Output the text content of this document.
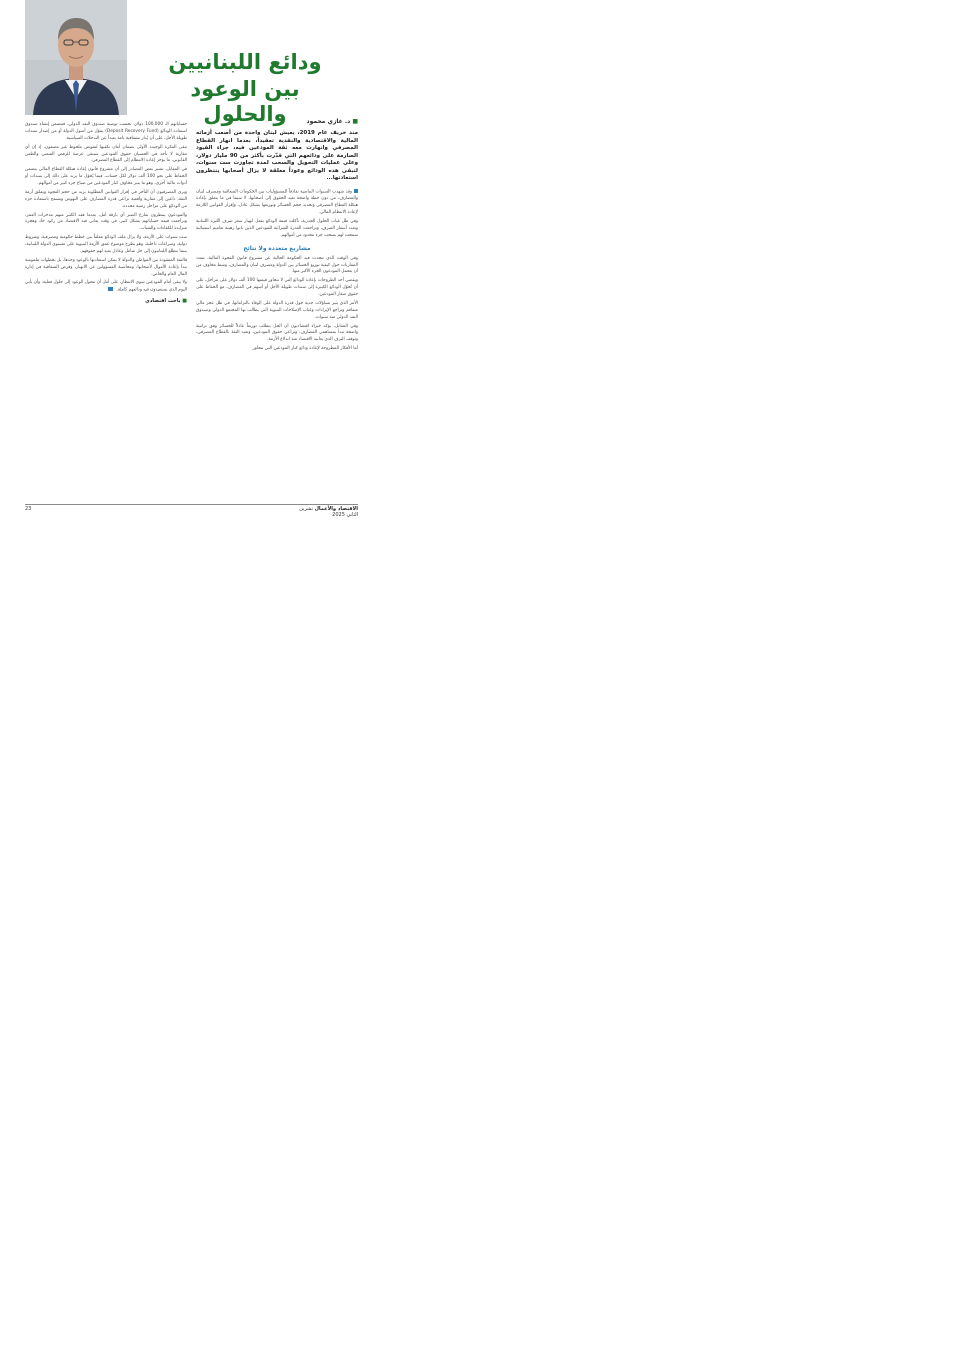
ودائع اللبنانيين
بين الوعود والحلول	■ د. غازي محمود

منذ خريف عام 2019، يعيش لبنان واحدة من أصعب أزماته المالية والاقتصادية والنقدية تعقيداً، بعدما انهار القطاع المصرفي وانهارت معه ثقة المودعين فيه، جراء القيود الصارمة على ودائعهم التي قدّرت بأكثر من 90 مليار دولار، وعلى عمليات التحويل والسحب لمدة تجاوزت ست سنوات، لتبقى هذه الودائع وعوداً معلقة لا يزال أصحابها ينتظرون استعادتها...

وقد شهدت السنوات الماضية تقاذفاً للمسؤوليات بين الحكومات المتعاقبة ومصرف لبنان والمصارف، من دون خطة واضحة تعيد الحقوق إلى أصحابها، لا سيما في ما يتعلق بإعادة هيكلة القطاع المصرفي وتحديد حجم الخسائر وتوزيعها بشكل عادل، وإقرار القوانين اللازمة لإعادة الانتظام المالي.

وفي ظل غياب الحلول الجذرية، تآكلت قيمة الودائع بفعل انهيار سعر صرف الليرة اللبنانية وتعدد أسعار الصرف، وتراجعت القدرة الشرائية للمودعين الذين باتوا رهينة تعاميم استثنائية سمحت لهم بسحب جزء محدود من أموالهم.

مشاريع متعددة ولا نتائج

وفي الوقت الذي تتحدث فيه الحكومة الحالية عن مشروع قانون الفجوة المالية، تتعدد المقاربات حول كيفية توزيع الخسائر بين الدولة ومصرف لبنان والمصارف، وسط مخاوف من أن يتحمل المودعون الجزء الأكبر منها.

ويقضي أحد الطروحات بإعادة الودائع التي لا تتجاوز قيمتها 100 ألف دولار على مراحل، على أن تُحوّل الودائع الكبيرة إلى سندات طويلة الأجل أو أسهم في المصارف، مع الحفاظ على حقوق صغار المودعين.

الأمر الذي يثير تساؤلات جدية حول قدرة الدولة على الوفاء بالتزاماتها، في ظل عجز مالي متفاقم وتراجع الإيرادات وغياب الإصلاحات البنيوية التي يطالب بها المجتمع الدولي وصندوق النقد الدولي منذ سنوات.

وفي المقابل، يؤكد خبراء اقتصاديون أن الحل يتطلب توزيعاً عادلاً للخسائر وفق تراتبية واضحة تبدأ بمساهمي المصارف، وتراعي حقوق المودعين، وتعيد الثقة بالقطاع المصرفي، وتوقف النزف الذي يعانيه الاقتصاد منذ اندلاع الأزمة.

أما الأفكار المطروحة لإعادة ودائع كبار المودعين التي تتجاوز

حساباتهم الـ 100,000 دولار، بحسب توصية صندوق النقد الدولي، فتتضمن إنشاء صندوق استعادة الودائع (Deposit Recovery Fund) يموّل من أصول الدولة أو من إصدار سندات طويلة الأجل، على أن يُدار بشفافية تامة بعيداً عن التدخلات السياسية.

تبقى الفكرة الوحيدة الأولى بضمان أمان تكفيها لتعويض ملحوظ غير مضمون، إذ إن أي مقاربة لا تأخذ في الحسبان حقوق المودعين ستبقى عرضة للرفض الشعبي والطعن القانوني، ما يؤخر إعادة الانتظام إلى القطاع المصرفي.

في المقابل، تشير بعض المصادر إلى أن مشروع قانون إعادة هيكلة القطاع المالي يتضمن الحفاظ على نحو 100 ألف دولار لكل حساب، فيما يُحوّل ما يزيد على ذلك إلى سندات أو أدوات مالية أخرى، وهو ما يثير مخاوف كبار المودعين من ضياع جزء كبير من أموالهم.

ويرى المصرفيون أن التأخر في إقرار القوانين المطلوبة يزيد من حجم الفجوة ويعمّق أزمة الثقة، داعين إلى مقاربة واقعية تراعي قدرة المصارف على النهوض وتسمح باستعادة جزء من الودائع على مراحل زمنية محددة.

والمودعون ينتظرون بفارغ الصبر أي بارقة أمل، بعدما فقد الكثير منهم مدخرات العمر، وتراجعت قيمة حساباتهم بشكل كبير، في وقت يعاني فيه الاقتصاد من ركود حاد وهجرة متزايدة للكفاءات والشباب.

ست سنوات على الأزمة، ولا يزال ملف الودائع معلقاً بين خطط حكومية ومصرفية، وشروط دولية، وصراعات داخلية، وهو يطرح موضوع عمق الأزمة البنيوية على مستوى الدولة اللبنانية، بينما يتطلع اللبنانيون إلى حل شامل وعادل يعيد لهم حقوقهم.

فالثقة المفقودة بين المواطن والدولة لا يمكن استعادتها بالوعود وحدها، بل بخطوات ملموسة تبدأ بإعادة الأموال لأصحابها، ومحاسبة المسؤولين عن الانهيار، وفرض الشفافية في إدارة المال العام والخاص.

ولا يبقى أمام المودعين سوى الانتظار، على أمل أن تتحول الوعود إلى حلول فعلية، وأن يأتي اليوم الذي يستعيدون فيه ودائعهم كاملة.

■ باحث اقتصادي
23	الاقتصاد والأعمال تشرين الثاني 2025
